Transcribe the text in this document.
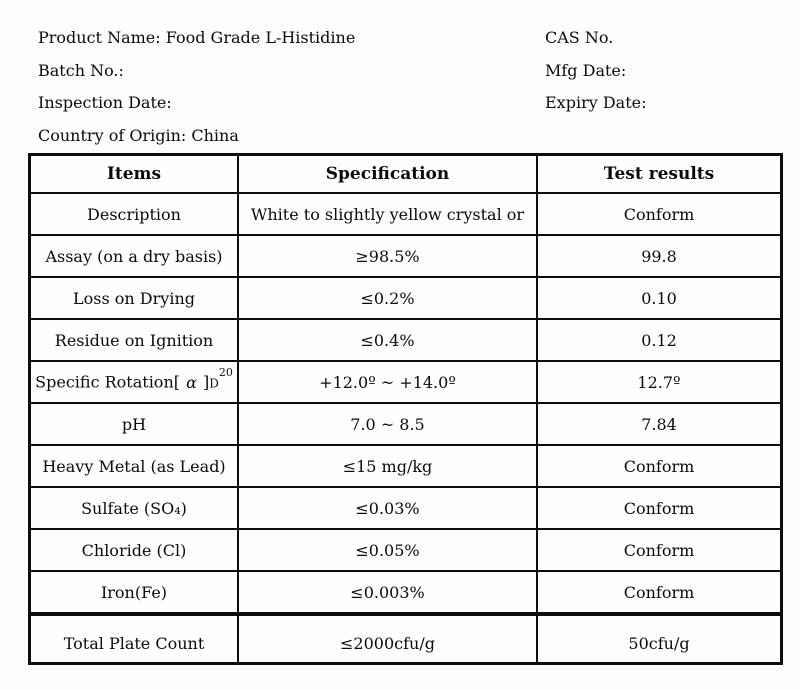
Product Name: Food Grade L-Histidine	CAS No.
Batch No.:	Mfg Date:
Inspection Date:	Expiry Date:
Country of Origin: China
Items	Specification	Test results
Description	White to slightly yellow crystal or	Conform
Assay (on a dry basis)	≥98.5%	99.8
Loss on Drying	≤0.2%	0.10
Residue on Ignition	≤0.4%	0.12
Specific Rotation[ α ]$D^{20}$	+12.0º ~ +14.0º	12.7º
pH	7.0 ~ 8.5	7.84
Heavy Metal (as Lead)	≤15 mg/kg	Conform
Sulfate (SO₄)	≤0.03%	Conform
Chloride (Cl)	≤0.05%	Conform
Iron(Fe)	≤0.003%	Conform
Total Plate Count	≤2000cfu/g	50cfu/g
